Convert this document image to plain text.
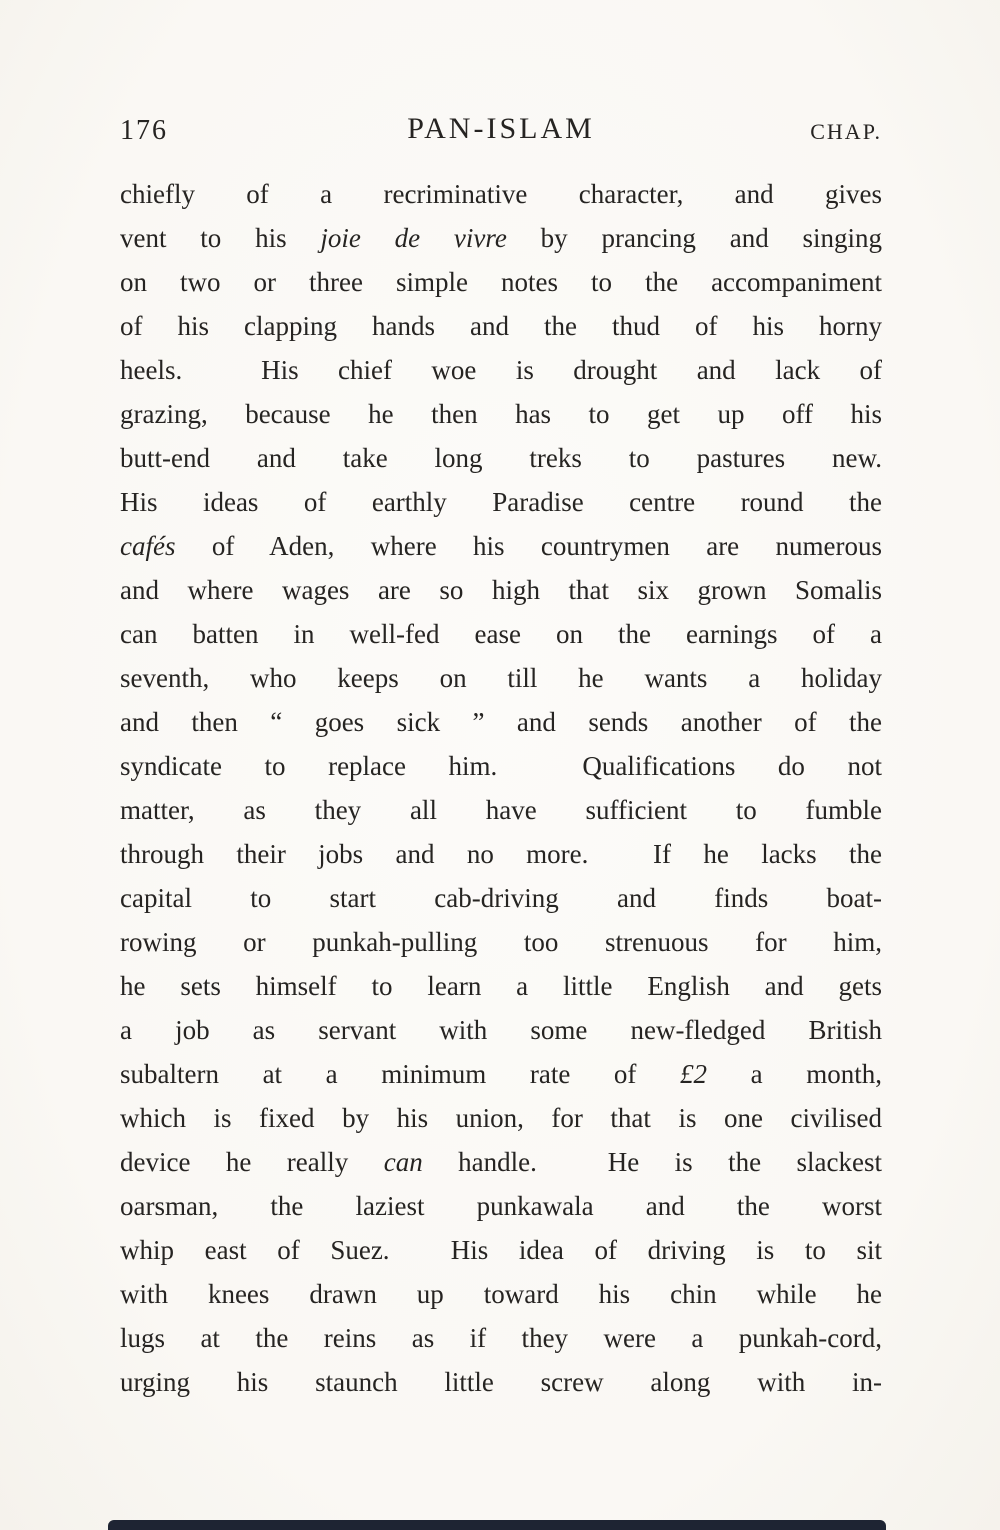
176	PAN-ISLAM	CHAP.
chiefly of a recriminative character, and gives
vent to his joie de vivre by prancing and singing
on two or three simple notes to the accompaniment
of his clapping hands and the thud of his horny
heels.  His chief woe is drought and lack of
grazing, because he then has to get up off his
butt-end and take long treks to pastures new.
His ideas of earthly Paradise centre round the
cafés of Aden, where his countrymen are numerous
and where wages are so high that six grown Somalis
can batten in well-fed ease on the earnings of a
seventh, who keeps on till he wants a holiday
and then “ goes sick ” and sends another of the
syndicate to replace him.  Qualifications do not
matter, as they all have sufficient to fumble
through their jobs and no more.  If he lacks the
capital to start cab-driving and finds boat-
rowing or punkah-pulling too strenuous for him,
he sets himself to learn a little English and gets
a job as servant with some new-fledged British
subaltern at a minimum rate of £2 a month,
which is fixed by his union, for that is one civilised
device he really can handle.  He is the slackest
oarsman, the laziest punkawala and the worst
whip east of Suez.  His idea of driving is to sit
with knees drawn up toward his chin while he
lugs at the reins as if they were a punkah-cord,
urging his staunch little screw along with in-
